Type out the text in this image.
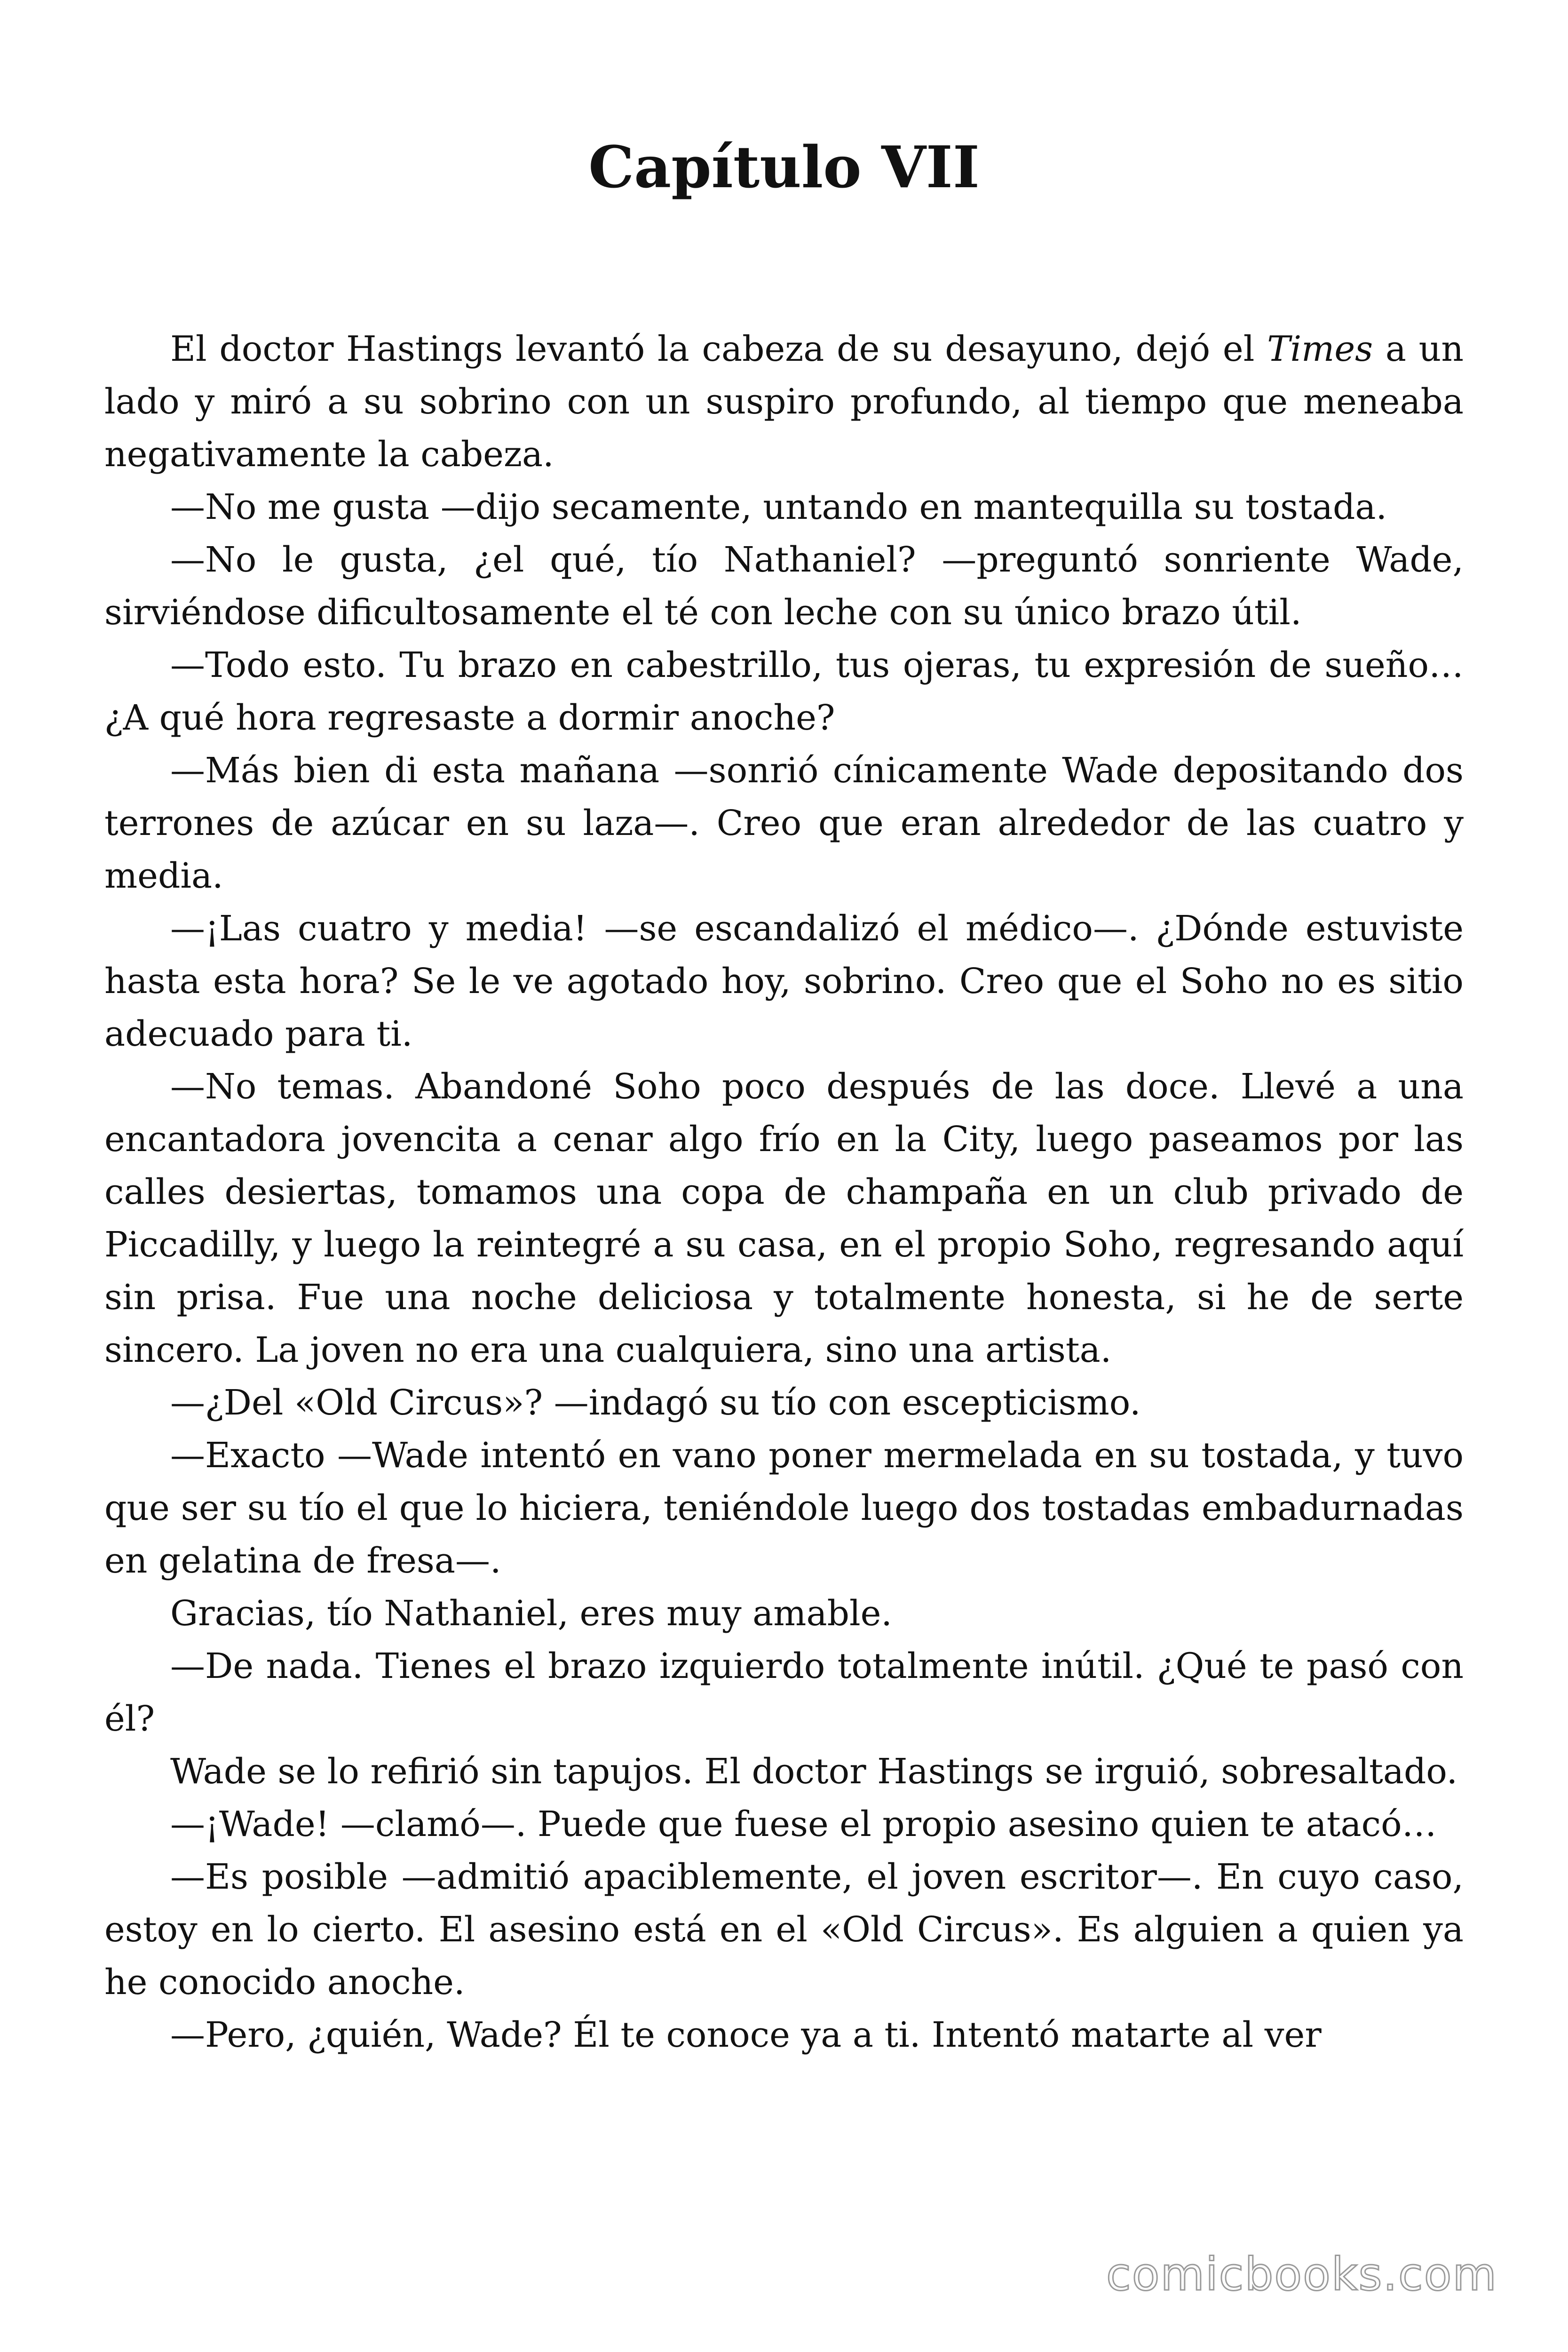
Capítulo VII

El doctor Hastings levantó la cabeza de su desayuno, dejó el Times a un lado y miró a su sobrino con un suspiro profundo, al tiempo que meneaba negativamente la cabeza.

—No me gusta —dijo secamente, untando en mantequilla su tostada.

—No le gusta, ¿el qué, tío Nathaniel? —preguntó sonriente Wade, sirviéndose dificultosamente el té con leche con su único brazo útil.

—Todo esto. Tu brazo en cabestrillo, tus ojeras, tu expresión de sueño… ¿A qué hora regresaste a dormir anoche?

—Más bien di esta mañana —sonrió cínicamente Wade depositando dos terrones de azúcar en su laza—. Creo que eran alrededor de las cuatro y media.

—¡Las cuatro y media! —se escandalizó el médico—. ¿Dónde estuviste hasta esta hora? Se le ve agotado hoy, sobrino. Creo que el Soho no es sitio adecuado para ti.

—No temas. Abandoné Soho poco después de las doce. Llevé a una encantadora jovencita a cenar algo frío en la City, luego paseamos por las calles desiertas, tomamos una copa de champaña en un club privado de Piccadilly, y luego la reintegré a su casa, en el propio Soho, regresando aquí sin prisa. Fue una noche deliciosa y totalmente honesta, si he de serte sincero. La joven no era una cualquiera, sino una artista.

—¿Del «Old Circus»? —indagó su tío con escepticismo.

—Exacto —Wade intentó en vano poner mermelada en su tostada, y tuvo que ser su tío el que lo hiciera, teniéndole luego dos tostadas embadurnadas en gelatina de fresa—.

Gracias, tío Nathaniel, eres muy amable.

—De nada. Tienes el brazo izquierdo totalmente inútil. ¿Qué te pasó con él?

Wade se lo refirió sin tapujos. El doctor Hastings se irguió, sobresaltado.

—¡Wade! —clamó—. Puede que fuese el propio asesino quien te atacó…

—Es posible —admitió apaciblemente, el joven escritor—. En cuyo caso, estoy en lo cierto. El asesino está en el «Old Circus». Es alguien a quien ya he conocido anoche.

—Pero, ¿quién, Wade? Él te conoce ya a ti. Intentó matarte al ver

comicbooks.com
